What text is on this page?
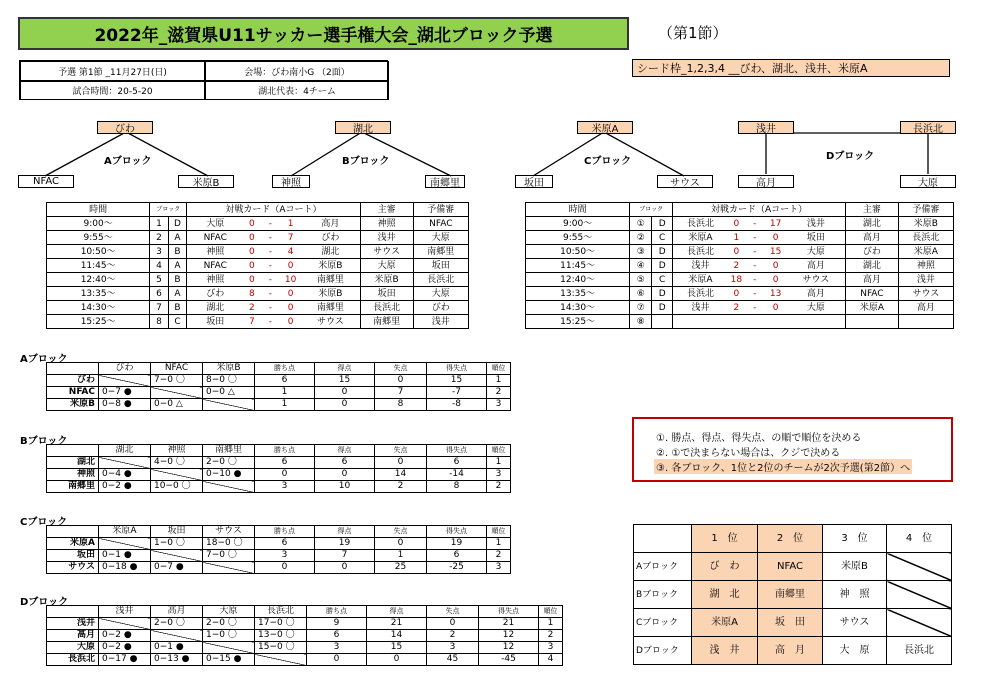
2022年_滋賀県U11サッカー選手権大会_湖北ブロック予選	（第1節）
予選 第1節 _11月27日(日)	会場：びわ南小G （2面）
試合時間：20-5-20	湖北代表：4チーム
シード枠_1,2,3,4 __びわ、湖北、浅井、米原A
びわ
Aブロック
NFAC	米原B
湖北
Bブロック
神照	南郷里
米原A
Cブロック
坂田	サウス
浅井	長浜北
Dブロック
高月	大原
時間	ブロック		対戦カード（Aコート）					主審	予備審
9:00〜	1	D	大原	0	-	1	高月	神照	NFAC
9:55〜	2	A	NFAC	0	-	7	びわ	浅井	大原
10:50〜	3	B	神照	0	-	4	湖北	サウス	南郷里
11:45〜	4	A	NFAC	0	-	0	米原B	大原	坂田
12:40〜	5	B	神照	0	-	10	南郷里	米原B	長浜北
13:35〜	6	A	びわ	8	-	0	米原B	坂田	大原
14:30〜	7	B	湖北	2	-	0	南郷里	長浜北	びわ
15:25〜	8	C	坂田	7	-	0	サウス	南郷里	浅井
時間	ブロック		対戦カード（Aコート）					主審	予備審
9:00〜	①	D	長浜北	0	-	17	浅井	湖北	米原B
9:55〜	②	C	米原A	1	-	0	坂田	高月	長浜北
10:50〜	③	D	長浜北	0	-	15	大原	びわ	米原A
11:45〜	④	D	浅井	2	-	0	高月	湖北	神照
12:40〜	⑤	C	米原A	18	-	0	サウス	高月	浅井
13:35〜	⑥	D	長浜北	0	-	13	高月	NFAC	サウス
14:30〜	⑦	D	浅井	2	-	0	大原	米原A	高月
15:25〜	⑧								
Aブロック
	びわ	NFAC	米原B	勝ち点	得点	失点	得失点	順位
びわ		7−0 〇	8−0 〇	6	15	0	15	1
NFAC	0−7 ●		0−0 △	1	0	7	-7	2
米原B	0−8 ●	0−0 △		1	0	8	-8	3
Bブロック
	湖北	神照	南郷里	勝ち点	得点	失点	得失点	順位
湖北		4−0 〇	2−0 〇	6	6	0	6	1
神照	0−4 ●		0−10 ●	0	0	14	-14	3
南郷里	0−2 ●	10−0 〇		3	10	2	8	2
Cブロック
	米原A	坂田	サウス	勝ち点	得点	失点	得失点	順位
米原A		1−0 〇	18−0 〇	6	19	0	19	1
坂田	0−1 ●		7−0 〇	3	7	1	6	2
サウス	0−18 ●	0−7 ●		0	0	25	-25	3
Dブロック
	浅井	高月	大原	長浜北	勝ち点	得点	失点	得失点	順位
浅井		2−0 〇	2−0 〇	17−0 〇	9	21	0	21	1
高月	0−2 ●		1−0 〇	13−0 〇	6	14	2	12	2
大原	0−2 ●	0−1 ●		15−0 〇	3	15	3	12	3
長浜北	0−17 ●	0−13 ●	0−15 ●		0	0	45	-45	4
①. 勝点、得点、得失点、の順で順位を決める
②. ①で決まらない場合は、クジで決める
③. 各ブロック、1位と2位のチームが2次予選(第2節）へ
	1　位	2　位	3　位	4　位
Aブロック	び　わ	NFAC	米原B	
Bブロック	湖　北	南郷里	神　照	
Cブロック	米原A	坂　田	サウス	
Dブロック	浅　井	高　月	大　原	長浜北
